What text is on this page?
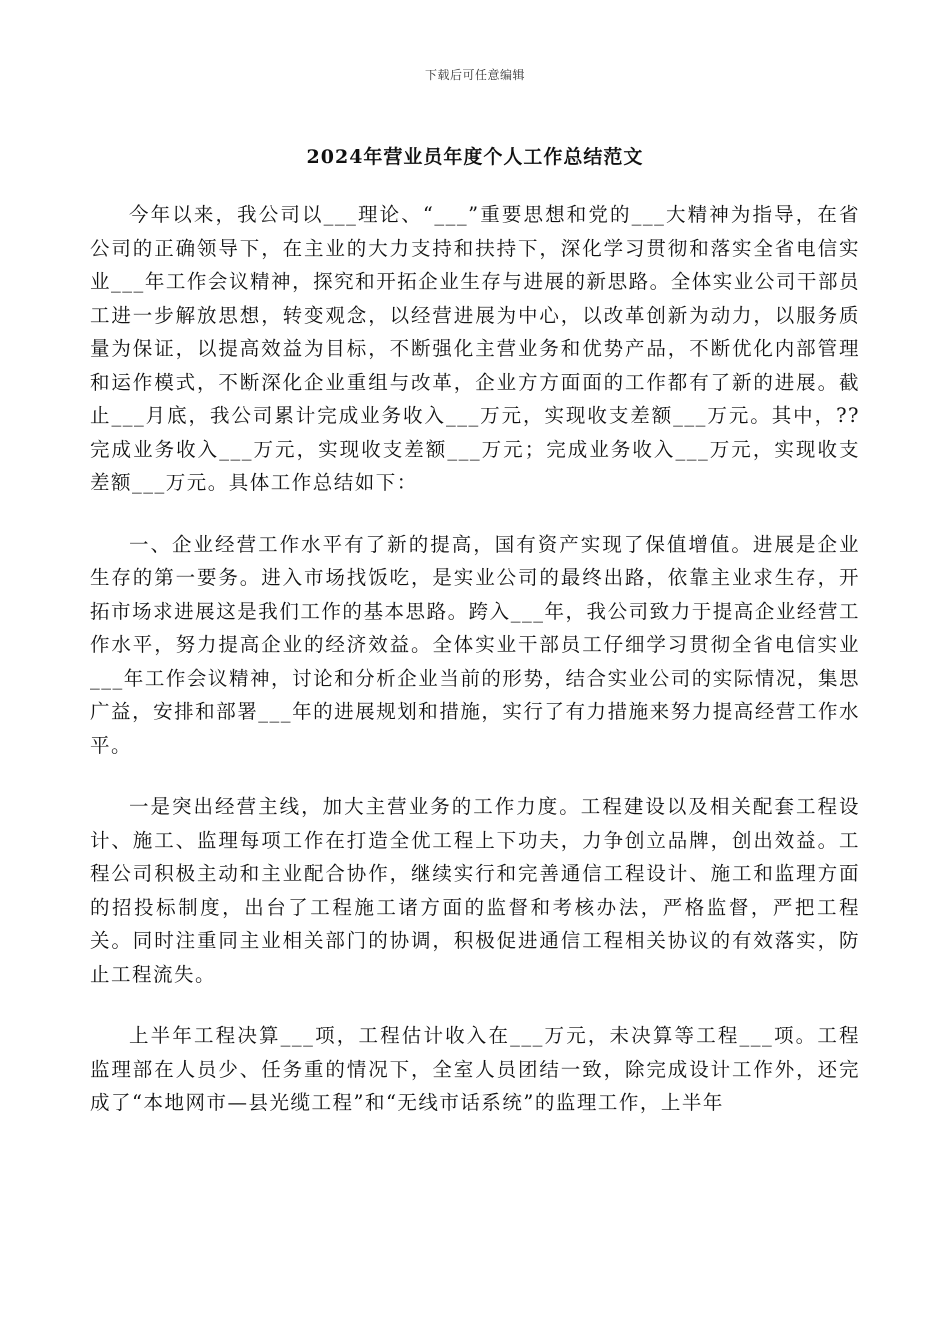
下载后可任意编辑
2024年营业员年度个人工作总结范文

今年以来，我公司以___理论、“___”重要思想和党的___大精神为指导，在省公司的正确领导下，在主业的大力支持和扶持下，深化学习贯彻和落实全省电信实业___年工作会议精神，探究和开拓企业生存与进展的新思路。全体实业公司干部员工进一步解放思想，转变观念，以经营进展为中心，以改革创新为动力，以服务质量为保证，以提高效益为目标，不断强化主营业务和优势产品，不断优化内部管理和运作模式，不断深化企业重组与改革，企业方方面面的工作都有了新的进展。截止___月底，我公司累计完成业务收入___万元，实现收支差额___万元。其中，??完成业务收入___万元，实现收支差额___万元；完成业务收入___万元，实现收支差额___万元。具体工作总结如下：

一、企业经营工作水平有了新的提高，国有资产实现了保值增值。进展是企业生存的第一要务。进入市场找饭吃，是实业公司的最终出路，依靠主业求生存，开拓市场求进展这是我们工作的基本思路。跨入___年，我公司致力于提高企业经营工作水平，努力提高企业的经济效益。全体实业干部员工仔细学习贯彻全省电信实业___年工作会议精神，讨论和分析企业当前的形势，结合实业公司的实际情况，集思广益，安排和部署___年的进展规划和措施，实行了有力措施来努力提高经营工作水平。

一是突出经营主线，加大主营业务的工作力度。工程建设以及相关配套工程设计、施工、监理每项工作在打造全优工程上下功夫，力争创立品牌，创出效益。工程公司积极主动和主业配合协作，继续实行和完善通信工程设计、施工和监理方面的招投标制度，出台了工程施工诸方面的监督和考核办法，严格监督，严把工程关。同时注重同主业相关部门的协调，积极促进通信工程相关协议的有效落实，防止工程流失。

上半年工程决算___项，工程估计收入在___万元，未决算等工程___项。工程监理部在人员少、任务重的情况下，全室人员团结一致，除完成设计工作外，还完成了“本地网市—县光缆工程”和“无线市话系统”的监理工作，上半年
